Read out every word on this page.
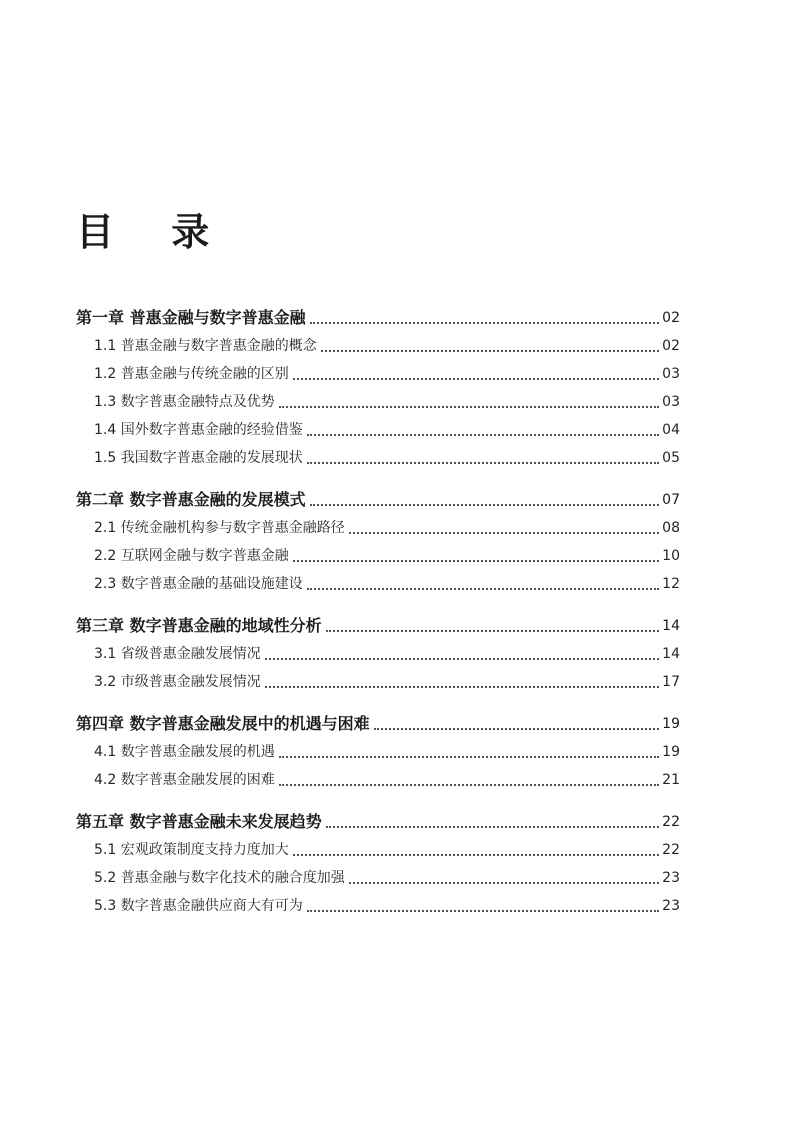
目 录
第一章 普惠金融与数字普惠金融	02
1.1 普惠金融与数字普惠金融的概念	02
1.2 普惠金融与传统金融的区别	03
1.3 数字普惠金融特点及优势	03
1.4 国外数字普惠金融的经验借鉴	04
1.5 我国数字普惠金融的发展现状	05
第二章 数字普惠金融的发展模式	07
2.1 传统金融机构参与数字普惠金融路径	08
2.2 互联网金融与数字普惠金融	10
2.3 数字普惠金融的基础设施建设	12
第三章 数字普惠金融的地域性分析	14
3.1 省级普惠金融发展情况	14
3.2 市级普惠金融发展情况	17
第四章 数字普惠金融发展中的机遇与困难	19
4.1 数字普惠金融发展的机遇	19
4.2 数字普惠金融发展的困难	21
第五章 数字普惠金融未来发展趋势	22
5.1 宏观政策制度支持力度加大	22
5.2 普惠金融与数字化技术的融合度加强	23
5.3 数字普惠金融供应商大有可为	23
